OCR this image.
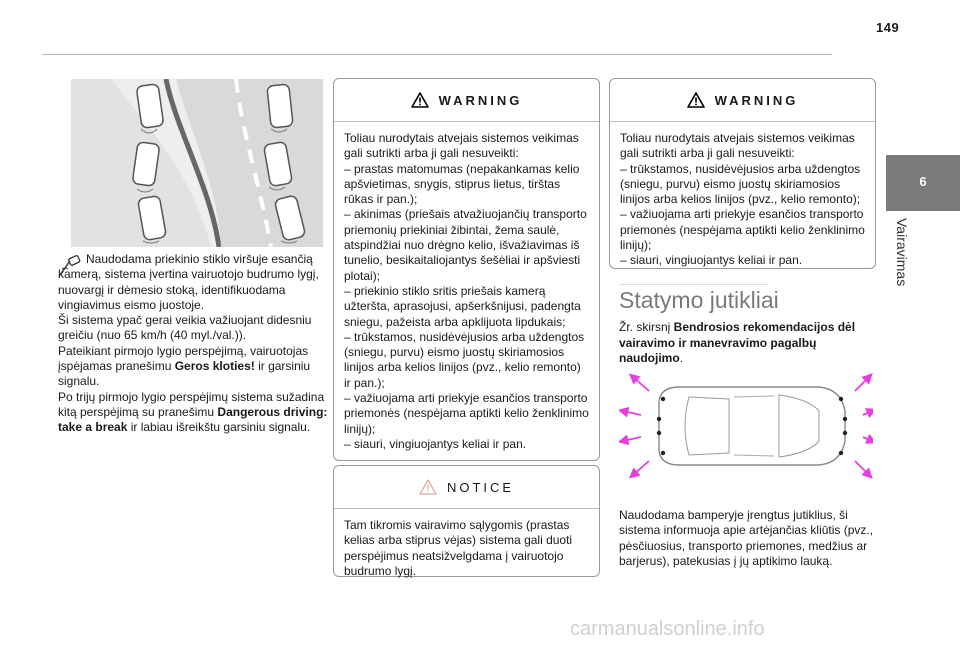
149
6
Vairavimas

Naudodama priekinio stiklo viršuje esančią kamerą, sistema įvertina vairuotojo budrumo lygį, nuovargį ir dėmesio stoką, identifikuodama vingiavimus eismo juostoje.

Ši sistema ypač gerai veikia važiuojant didesniu greičiu (nuo 65 km/h (40 myl./val.)).

Pateikiant pirmojo lygio perspėjimą, vairuotojas įspėjamas pranešimu Geros kloties! ir garsiniu signalu.

Po trijų pirmojo lygio perspėjimų sistema sužadina kitą perspėjimą su pranešimu Dangerous driving: take a break ir labiau išreikštu garsiniu signalu.

WARNING
Toliau nurodytais atvejais sistemos veikimas gali sutrikti arba ji gali nesuveikti:
– prastas matomumas (nepakankamas kelio apšvietimas, snygis, stiprus lietus, tirštas rūkas ir pan.);
– akinimas (priešais atvažiuojančių transporto priemonių priekiniai žibintai, žema saulė, atspindžiai nuo drėgno kelio, išvažiavimas iš tunelio, besikaitaliojantys šešėliai ir apšviesti plotai);
– priekinio stiklo sritis priešais kamerą užteršta, aprasojusi, apšerkšnijusi, padengta sniegu, pažeista arba apklijuota lipdukais;
– trūkstamos, nusidėvėjusios arba uždengtos (sniegu, purvu) eismo juostų skiriamosios linijos arba kelios linijos (pvz., kelio remonto) ir pan.);
– važiuojama arti priekyje esančios transporto priemonės (nespėjama aptikti kelio ženklinimo linijų);
– siauri, vingiuojantys keliai ir pan.
NOTICE
Tam tikromis vairavimo sąlygomis (prastas kelias arba stiprus vėjas) sistema gali duoti perspėjimus neatsižvelgdama į vairuotojo budrumo lygį.
WARNING
Toliau nurodytais atvejais sistemos veikimas gali sutrikti arba ji gali nesuveikti:
– trūkstamos, nusidėvėjusios arba uždengtos (sniegu, purvu) eismo juostų skiriamosios linijos arba kelios linijos (pvz., kelio remonto);
– važiuojama arti priekyje esančios transporto priemonės (nespėjama aptikti kelio ženklinimo linijų);
– siauri, vingiuojantys keliai ir pan.
Statymo jutikliai
Žr. skirsnį Bendrosios rekomendacijos dėl vairavimo ir manevravimo pagalbų naudojimo.
Naudodama bamperyje įrengtus jutiklius, ši sistema informuoja apie artėjančias kliūtis (pvz., pėsčiuosius, transporto priemones, medžius ar barjerus), patekusias į jų aptikimo lauką.
carmanualsonline.info
